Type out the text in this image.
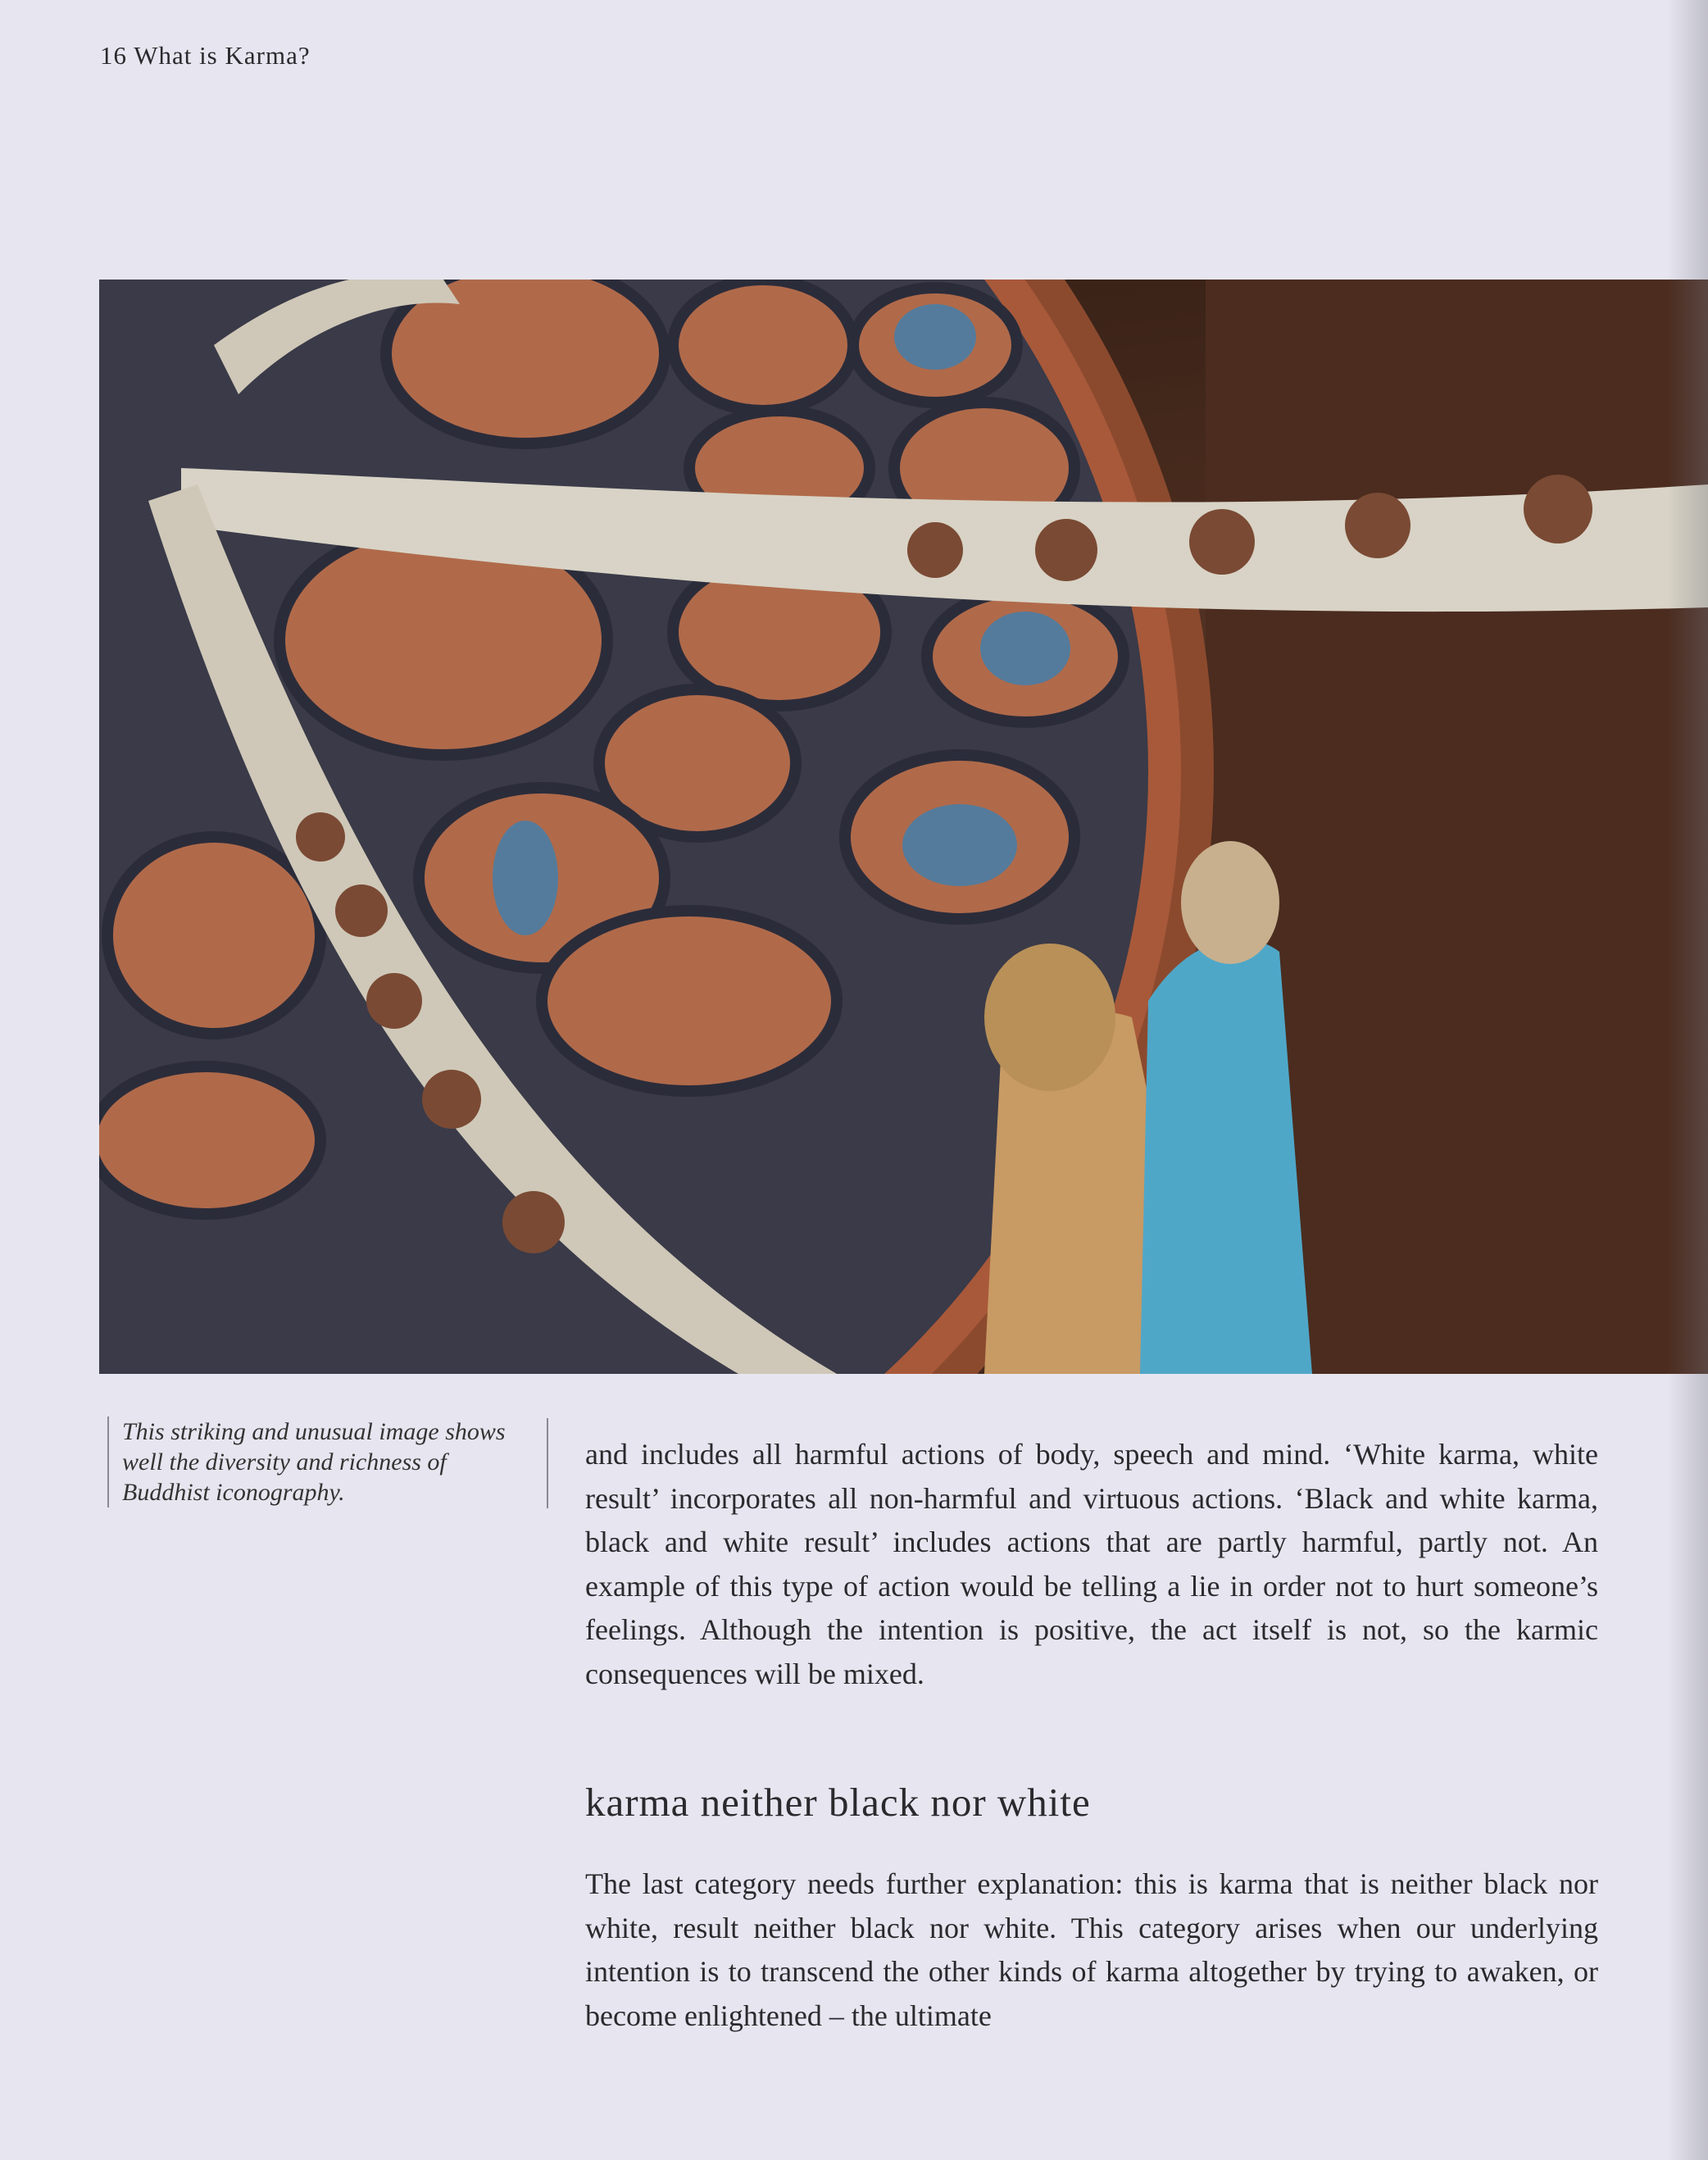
16 What is Karma?
This striking and unusual image shows well the diversity and richness of Buddhist iconography.

and includes all harmful actions of body, speech and mind. ‘White karma, white result’ incorporates all non-harmful and virtuous actions. ‘Black and white karma, black and white result’ includes actions that are partly harmful, partly not. An example of this type of action would be telling a lie in order not to hurt someone’s feelings. Although the intention is positive, the act itself is not, so the karmic consequences will be mixed.

karma neither black nor white

The last category needs further explanation: this is karma that is neither black nor white, result neither black nor white. This category arises when our underlying intention is to transcend the other kinds of karma altogether by trying to awaken, or become enlightened – the ultimate
